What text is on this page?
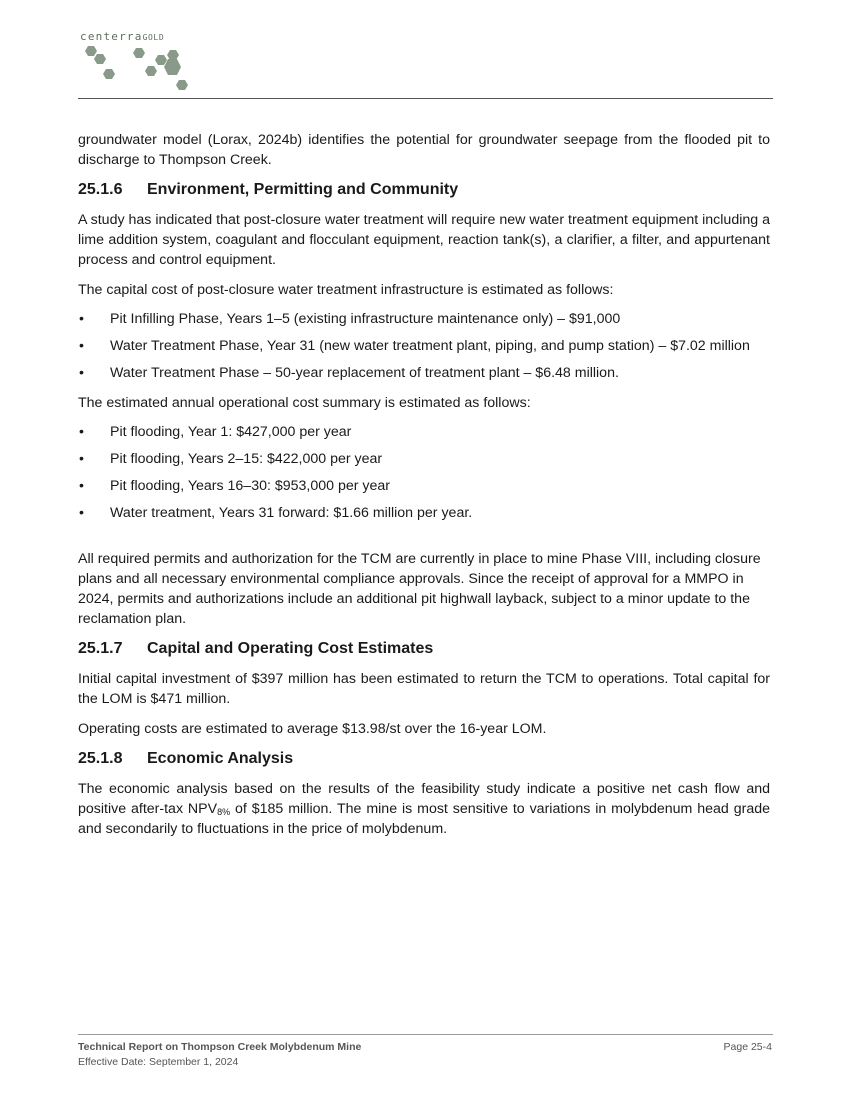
centerraGOLD

groundwater model (Lorax, 2024b) identifies the potential for groundwater seepage from the flooded pit to discharge to Thompson Creek.

25.1.6 Environment, Permitting and Community

A study has indicated that post-closure water treatment will require new water treatment equipment including a lime addition system, coagulant and flocculant equipment, reaction tank(s), a clarifier, a filter, and appurtenant process and control equipment.

The capital cost of post-closure water treatment infrastructure is estimated as follows:

• Pit Infilling Phase, Years 1–5 (existing infrastructure maintenance only) – $91,000
• Water Treatment Phase, Year 31 (new water treatment plant, piping, and pump station) – $7.02 million
• Water Treatment Phase – 50-year replacement of treatment plant – $6.48 million.

The estimated annual operational cost summary is estimated as follows:

• Pit flooding, Year 1: $427,000 per year
• Pit flooding, Years 2–15: $422,000 per year
• Pit flooding, Years 16–30: $953,000 per year
• Water treatment, Years 31 forward: $1.66 million per year.

All required permits and authorization for the TCM are currently in place to mine Phase VIII, including closure plans and all necessary environmental compliance approvals. Since the receipt of approval for a MMPO in 2024, permits and authorizations include an additional pit highwall layback, subject to a minor update to the reclamation plan.

25.1.7 Capital and Operating Cost Estimates

Initial capital investment of $397 million has been estimated to return the TCM to operations. Total capital for the LOM is $471 million.

Operating costs are estimated to average $13.98/st over the 16-year LOM.

25.1.8 Economic Analysis

The economic analysis based on the results of the feasibility study indicate a positive net cash flow and positive after-tax $NPV_{8\%}$ of $185 million. The mine is most sensitive to variations in molybdenum head grade and secondarily to fluctuations in the price of molybdenum.

Technical Report on Thompson Creek Molybdenum Mine
Effective Date: September 1, 2024
Page 25-4
